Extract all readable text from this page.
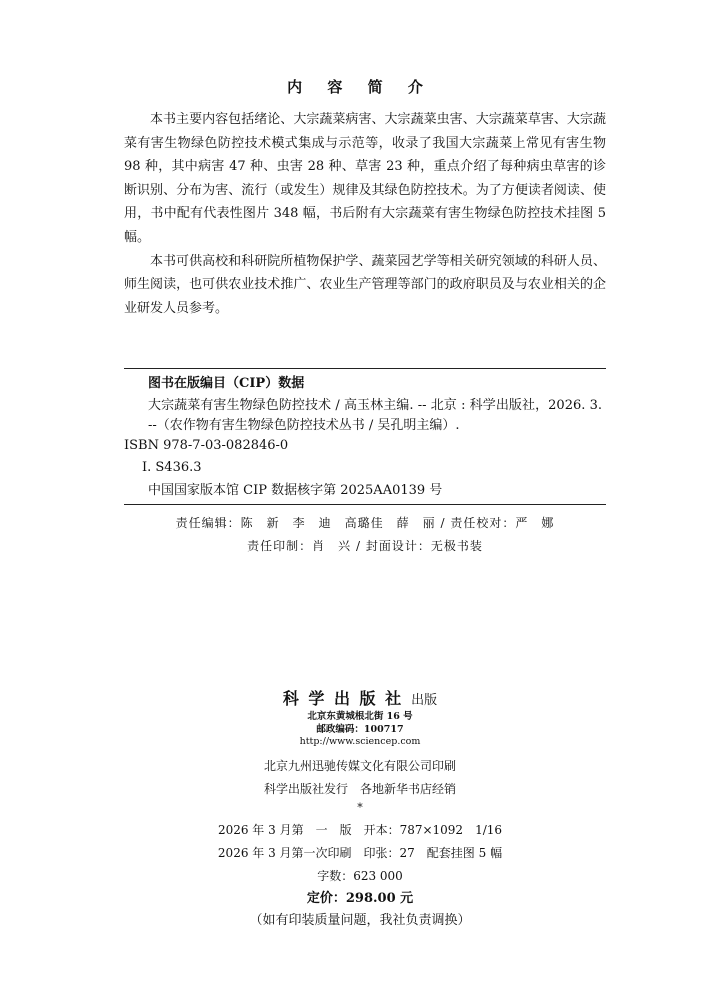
内 容 简 介

本书主要内容包括绪论、大宗蔬菜病害、大宗蔬菜虫害、大宗蔬菜草害、大宗蔬菜有害生物绿色防控技术模式集成与示范等，收录了我国大宗蔬菜上常见有害生物 98 种，其中病害 47 种、虫害 28 种、草害 23 种，重点介绍了每种病虫草害的诊断识别、分布为害、流行（或发生）规律及其绿色防控技术。为了方便读者阅读、使用，书中配有代表性图片 348 幅，书后附有大宗蔬菜有害生物绿色防控技术挂图 5 幅。

本书可供高校和科研院所植物保护学、蔬菜园艺学等相关研究领域的科研人员、师生阅读，也可供农业技术推广、农业生产管理等部门的政府职员及与农业相关的企业研发人员参考。

图书在版编目（CIP）数据
大宗蔬菜有害生物绿色防控技术 / 高玉林主编. -- 北京 : 科学出版社，2026. 3. --（农作物有害生物绿色防控技术丛书 / 吴孔明主编）.
ISBN 978-7-03-082846-0
Ⅰ. S436.3
中国国家版本馆 CIP 数据核字第 2025AA0139 号
责任编辑：陈　新　李　迪　高璐佳　薛　丽 / 责任校对：严　娜
责任印制：肖　兴 / 封面设计：无极书装
科 学 出 版 社 出版
北京东黄城根北街 16 号
邮政编码：100717
http://www.sciencep.com
北京九州迅驰传媒文化有限公司印刷
科学出版社发行　各地新华书店经销
*
2026 年 3 月第　一　版　开本：787×1092　1/16
2026 年 3 月第一次印刷　印张：27　配套挂图 5 幅
字数：623 000
定价：298.00 元
（如有印装质量问题，我社负责调换）
